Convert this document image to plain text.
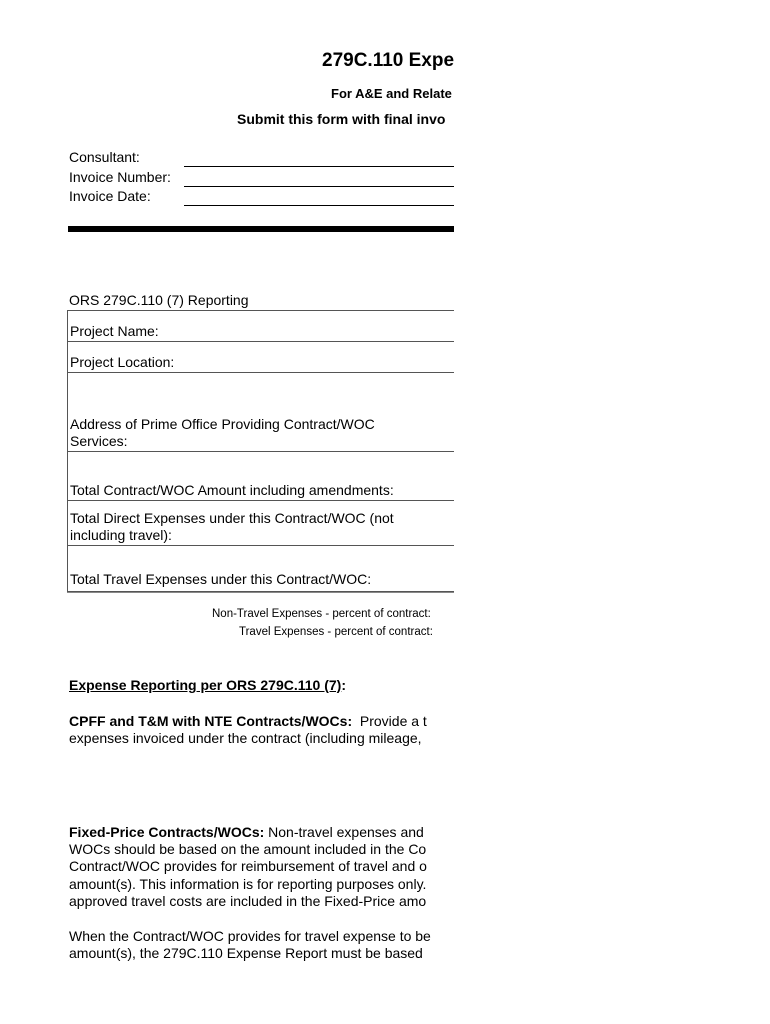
279C.110 Expe
For A&E and Relate
Submit this form with final invo
Consultant:
Invoice Number:
Invoice Date:
ORS 279C.110 (7) Reporting
Project Name:
Project Location:
Address of Prime Office Providing Contract/WOC Services:
Total Contract/WOC Amount including amendments:
Total Direct Expenses under this Contract/WOC (not including travel):
Total Travel Expenses under this Contract/WOC:
Non-Travel Expenses - percent of contract:
Travel Expenses - percent of contract:
Expense Reporting per ORS 279C.110 (7):
CPFF and T&M with NTE Contracts/WOCs:  Provide a t
expenses invoiced under the contract (including mileage,
Fixed-Price Contracts/WOCs: Non-travel expenses and
WOCs should be based on the amount included in the Co
Contract/WOC provides for reimbursement of travel and o
amount(s). This information is for reporting purposes only.
approved travel costs are included in the Fixed-Price amo
When the Contract/WOC provides for travel expense to be
amount(s), the 279C.110 Expense Report must be based
